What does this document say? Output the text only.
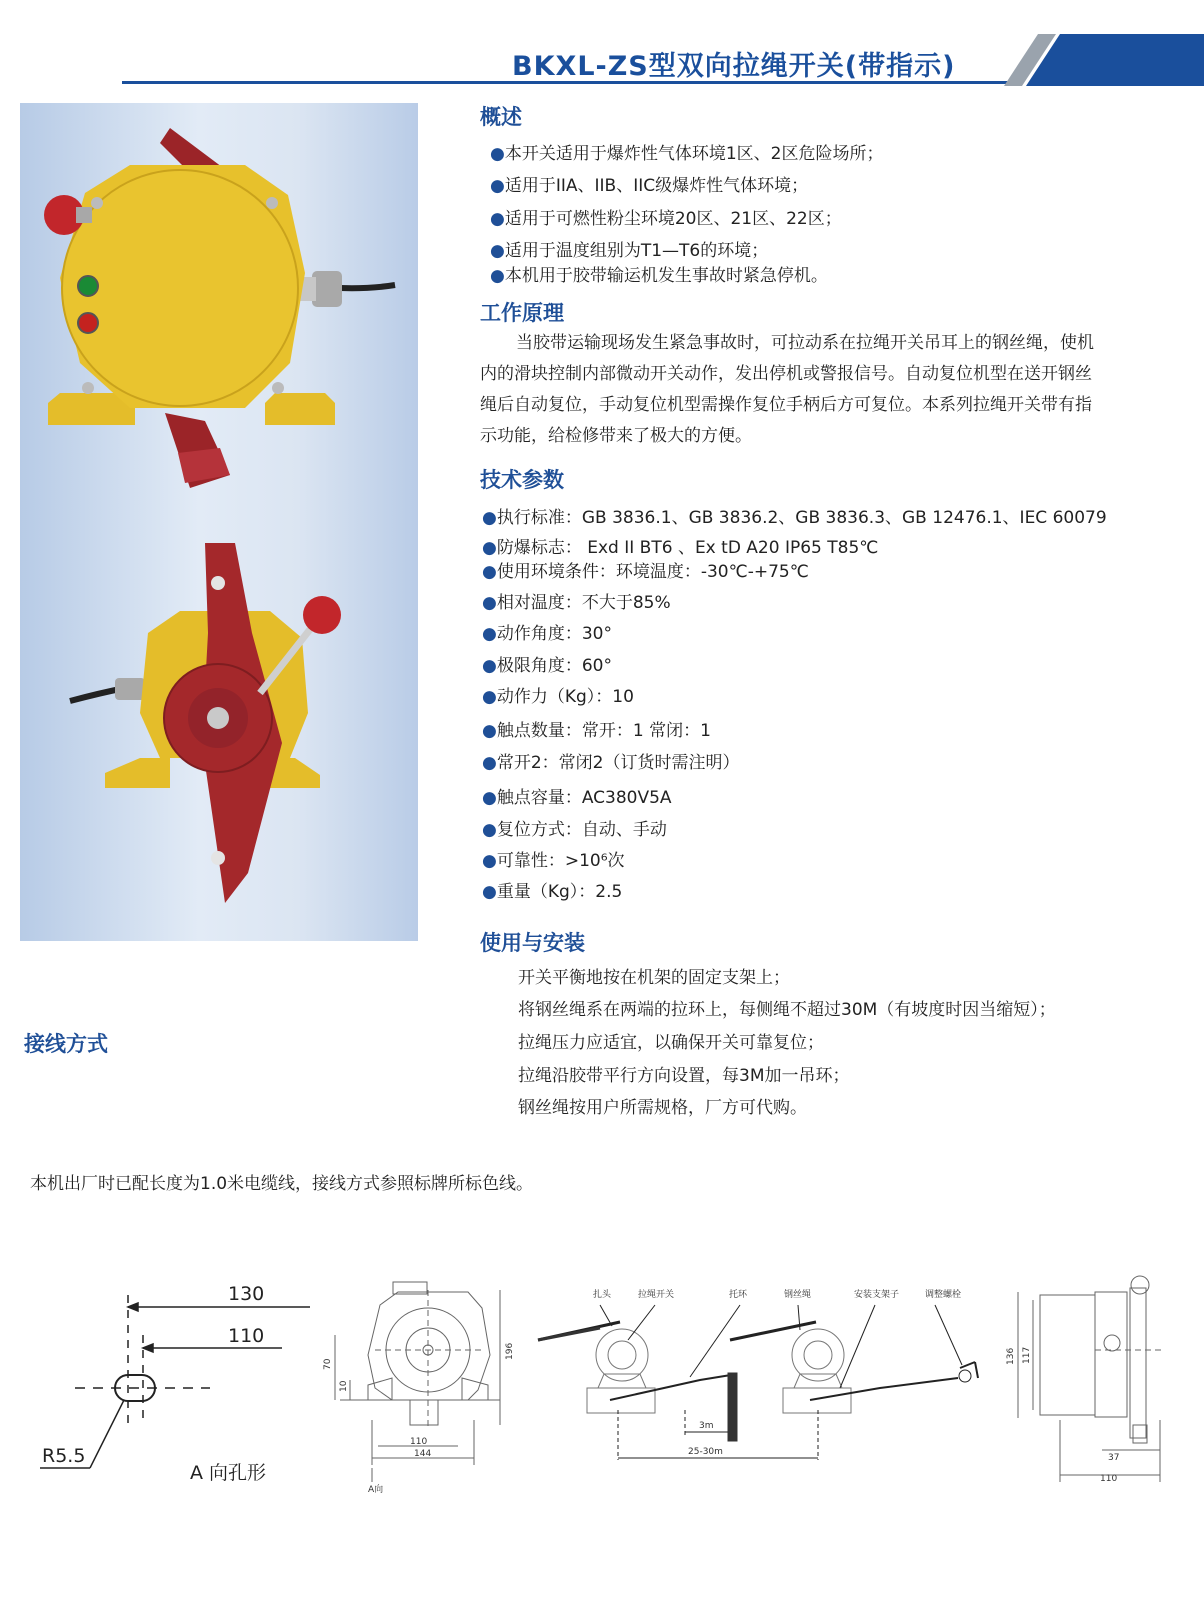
BKXL-ZS型双向拉绳开关(带指示)
概述
●本开关适用于爆炸性气体环境1区、2区危险场所；
●适用于IIA、IIB、IIC级爆炸性气体环境；
●适用于可燃性粉尘环境20区、21区、22区；
●适用于温度组别为T1—T6的环境；
●本机用于胶带输运机发生事故时紧急停机。
工作原理
当胶带运输现场发生紧急事故时，可拉动系在拉绳开关吊耳上的钢丝绳，使机
内的滑块控制内部微动开关动作，发出停机或警报信号。自动复位机型在送开钢丝
绳后自动复位，手动复位机型需操作复位手柄后方可复位。本系列拉绳开关带有指
示功能，给检修带来了极大的方便。
技术参数
●执行标准：GB 3836.1、GB 3836.2、GB 3836.3、GB 12476.1、IEC 60079
●防爆标志： Exd II BT6 、Ex tD A20 IP65 T85℃
●使用环境条件：环境温度：-30℃-+75℃
●相对温度：不大于85%
●动作角度：30°
●极限角度：60°
●动作力（Kg）：10
●触点数量：常开：1 常闭：1
●常开2：常闭2（订货时需注明）
●触点容量：AC380V5A
●复位方式：自动、手动
●可靠性：>10⁶次
●重量（Kg）：2.5
使用与安装
开关平衡地按在机架的固定支架上；
将钢丝绳系在两端的拉环上，每侧绳不超过30M（有坡度时因当缩短）；
拉绳压力应适宜，以确保开关可靠复位；
拉绳沿胶带平行方向设置，每3M加一吊环；
钢丝绳按用户所需规格，厂方可代购。
接线方式
本机出厂时已配长度为1.0米电缆线，接线方式参照标牌所标色线。
130
110
R5.5
A 向孔形
70
10
196
110
144
A向
扎头	拉绳开关	托环	钢丝绳	安装支架子	调整螺栓
3m
25-30m
136 117
37
110
